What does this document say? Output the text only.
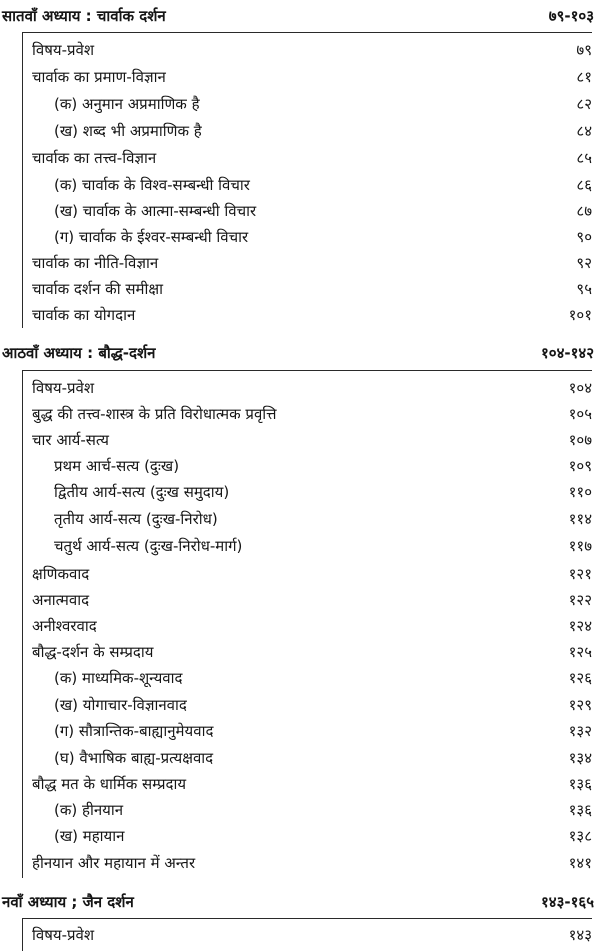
सातवाँ अध्याय : चार्वाक दर्शन	७९-१०३
विषय-प्रवेश	७९
चार्वाक का प्रमाण-विज्ञान	८१
(क) अनुमान अप्रमाणिक है	८२
(ख) शब्द भी अप्रमाणिक है	८४
चार्वाक का तत्त्व-विज्ञान	८५
(क) चार्वाक के विश्व-सम्बन्धी विचार	८६
(ख) चार्वाक के आत्मा-सम्बन्धी विचार	८७
(ग) चार्वाक के ईश्वर-सम्बन्धी विचार	९०
चार्वाक का नीति-विज्ञान	९२
चार्वाक दर्शन की समीक्षा	९५
चार्वाक का योगदान	१०१
आठवाँ अध्याय : बौद्ध-दर्शन	१०४-१४२
विषय-प्रवेश	१०४
बुद्ध की तत्त्व-शास्त्र के प्रति विरोधात्मक प्रवृत्ति	१०५
चार आर्य-सत्य	१०७
प्रथम आर्च-सत्य (दुःख)	१०९
द्वितीय आर्य-सत्य (दुःख समुदाय)	११०
तृतीय आर्य-सत्य (दुःख-निरोध)	११४
चतुर्थ आर्य-सत्य (दुःख-निरोध-मार्ग)	११७
क्षणिकवाद	१२१
अनात्मवाद	१२२
अनीश्वरवाद	१२४
बौद्ध-दर्शन के सम्प्रदाय	१२५
(क) माध्यमिक-शून्यवाद	१२६
(ख) योगाचार-विज्ञानवाद	१२९
(ग) सौत्रान्तिक-बाह्यानुमेयवाद	१३२
(घ) वैभाषिक बाह्य-प्रत्यक्षवाद	१३४
बौद्ध मत के धार्मिक सम्प्रदाय	१३६
(क) हीनयान	१३६
(ख) महायान	१३८
हीनयान और महायान में अन्तर	१४१
नवाँ अध्याय ; जैन दर्शन	१४३-१६५
विषय-प्रवेश	१४३
